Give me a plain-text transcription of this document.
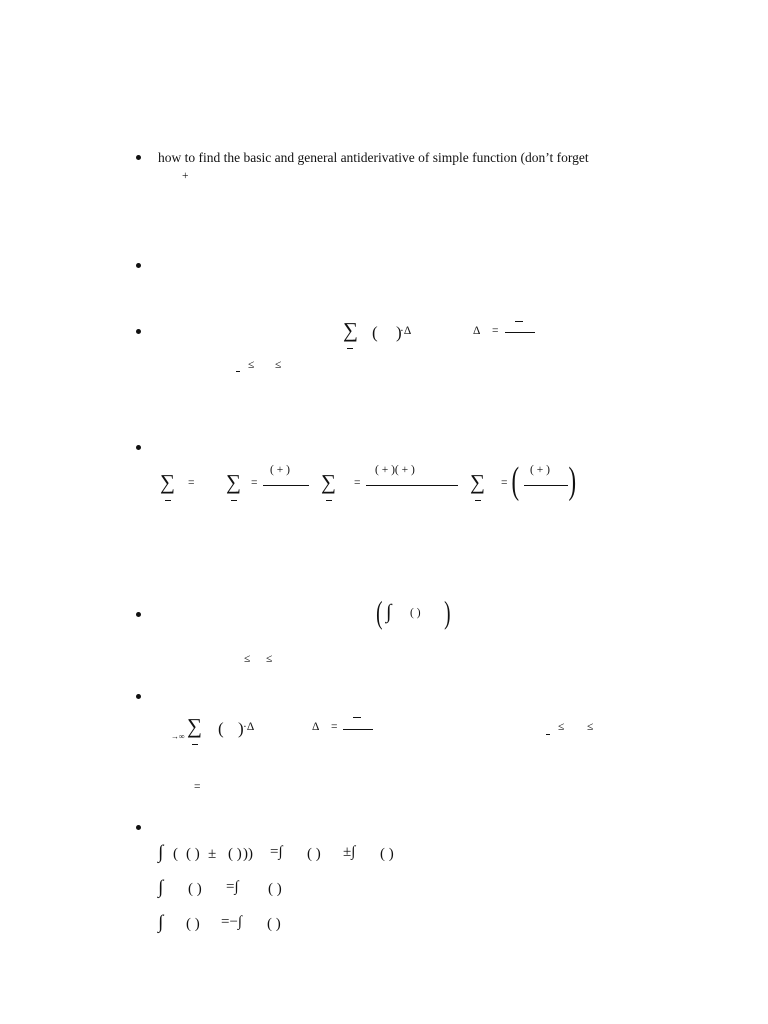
how to find the basic and general antiderivative of simple function (don’t forget
+
∑ ( )
·Δ	Δ =
≤ ≤
∑ = ∑ =
( + ) ∑ =
( + )( + )	∑ = ( ( + ) )
( ∫ ( ) )
≤ ≤
→∞ ∑ ( ) ·Δ	Δ =	≤ ≤
=
∫ ( ( ) ± ( ) )) =∫ ( ) ±∫ ( )
∫ ( ) =∫ ( )
∫ ( ) =−∫ ( )
